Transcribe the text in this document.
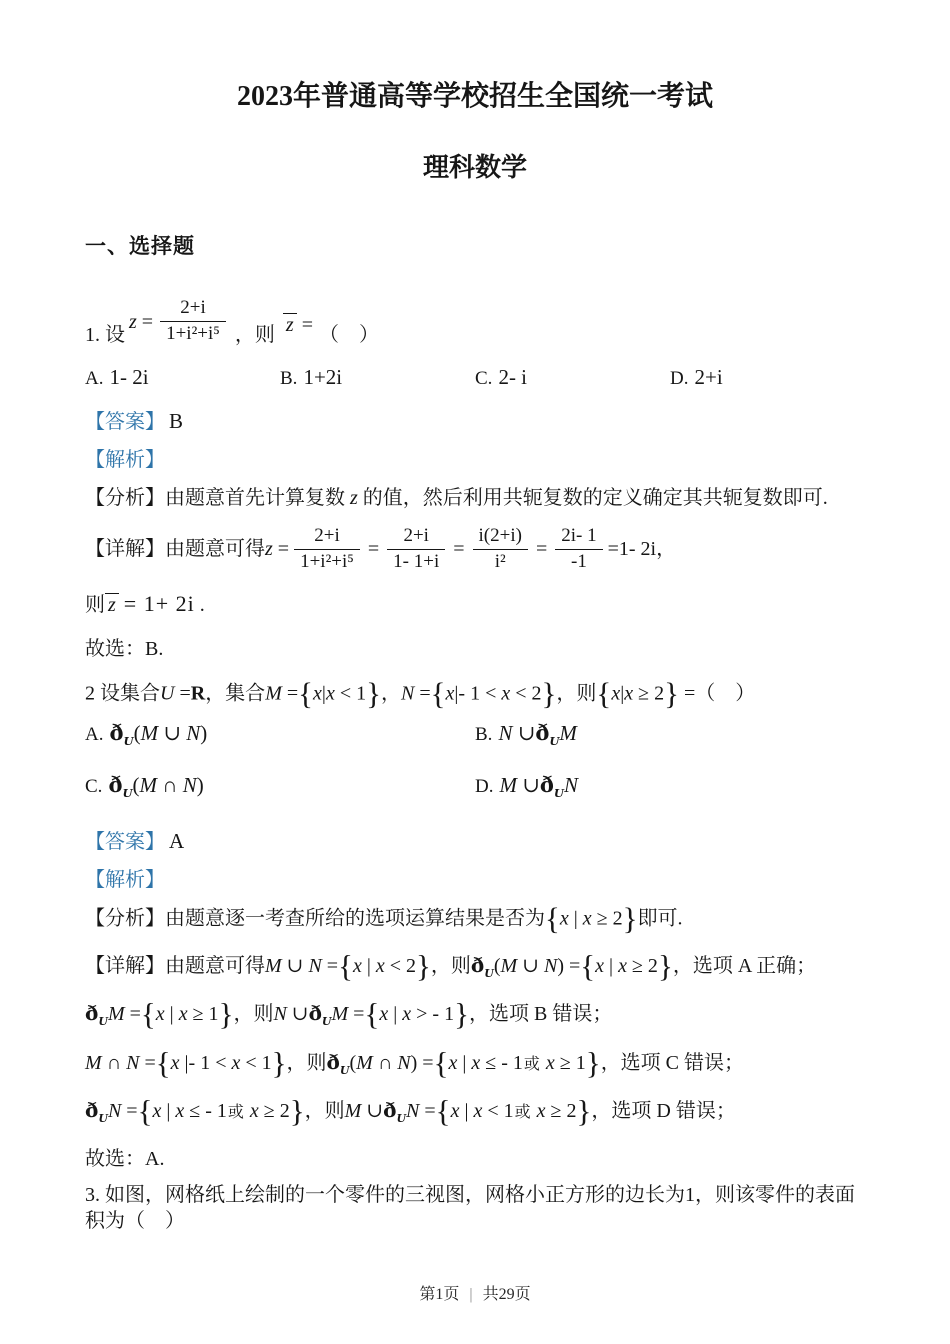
2023年普通高等学校招生全国统一考试
理科数学
一、选择题
1. 设
$z = \frac{2+i}{\text{1+i²+i⁵}}$ ，则 z = （　）
A. 1- 2i	B. 1+2i	C. 2- i	D. 2+i
【答案】 B
【解析】
【分析】由题意首先计算复数 z 的值，然后利用共轭复数的定义确定其共轭复数即可.
【详解】由题意可得$z = \frac{2+i}{\text{1+i²+i⁵}} = \frac{2+i}{1- 1+i} = \frac{i(2+i)}{\text{i²}} = \frac{2i- 1}{-1} =1-$ 2i，
则 z = 1+ 2i .
故选：B.
2 设集合U =R，集合M ={x|x < 1}，N ={x|- 1 < x < 2}，则{x|x ≥ 2} =（　）
A. $ð_U(M$ ∪ N)	B. N $\cup ð_UM$
C. $ð_U(M$ ∩ N)	D. M $\cup ð_UN$
【答案】 A
【解析】
【分析】由题意逐一考查所给的选项运算结果是否为{x | x ≥ 2}即可.
【详解】由题意可得M ∪ N ={x | x < 2}，则$ð_U(M$ ∪ N) ={x | x ≥ 2}，选项 A 正确；
$ð_UM =\{x$ | x ≥ 1}，则N $\cup ð_UM =\{x$ | x > - 1}，选项 B 错误；
M ∩ N ={x |- 1 < x < 1}，则$ð_U(M$ ∩ N) ={x | x ≤ - 1或 x ≥ 1}，选项 C 错误；
$ð_UN =\{x$ | x ≤ - 1或 x ≥ 2}，则M $\cup ð_UN =\{x$ | x < 1或 x ≥ 2}，选项 D 错误；
故选：A.
3. 如图，网格纸上绘制的一个零件的三视图，网格小正方形的边长为1，则该零件的表面积为（　）
第1页 | 共29页
